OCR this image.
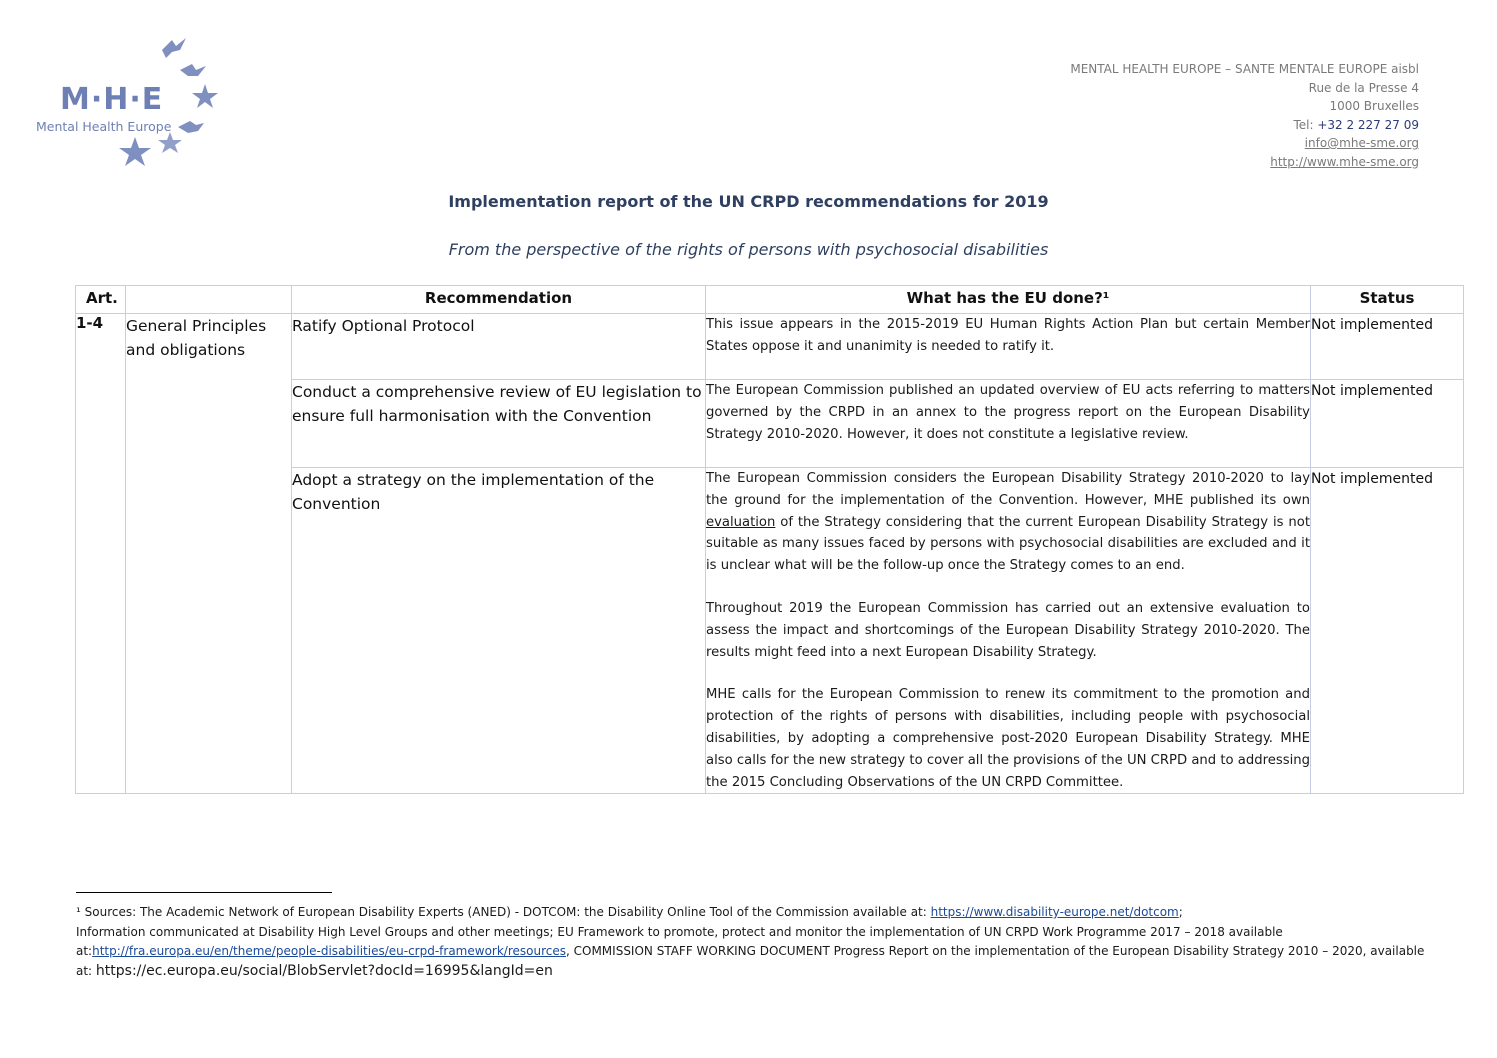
M·H·E
Mental Health Europe
MENTAL HEALTH EUROPE – SANTE MENTALE EUROPE aisbl
Rue de la Presse 4
1000 Bruxelles
Tel: +32 2 227 27 09
info@mhe-sme.org
http://www.mhe-sme.org
Implementation report of the UN CRPD recommendations for 2019
From the perspective of the rights of persons with psychosocial disabilities
Art.		Recommendation	What has the EU done?¹	Status
1-4	General Principles and obligations	Ratify Optional Protocol	This issue appears in the 2015-2019 EU Human Rights Action Plan but certain Member States oppose it and unanimity is needed to ratify it.	Not implemented
		Conduct a comprehensive review of EU legislation to ensure full harmonisation with the Convention	The European Commission published an updated overview of EU acts referring to matters governed by the CRPD in an annex to the progress report on the European Disability Strategy 2010-2020. However, it does not constitute a legislative review.	Not implemented
		Adopt a strategy on the implementation of the Convention	The European Commission considers the European Disability Strategy 2010-2020 to lay the ground for the implementation of the Convention. However, MHE published its own evaluation of the Strategy considering that the current European Disability Strategy is not suitable as many issues faced by persons with psychosocial disabilities are excluded and it is unclear what will be the follow-up once the Strategy comes to an end.

Throughout 2019 the European Commission has carried out an extensive evaluation to assess the impact and shortcomings of the European Disability Strategy 2010-2020. The results might feed into a next European Disability Strategy.

MHE calls for the European Commission to renew its commitment to the promotion and protection of the rights of persons with disabilities, including people with psychosocial disabilities, by adopting a comprehensive post-2020 European Disability Strategy. MHE also calls for the new strategy to cover all the provisions of the UN CRPD and to addressing the 2015 Concluding Observations of the UN CRPD Committee.	Not implemented
¹ Sources: The Academic Network of European Disability Experts (ANED) - DOTCOM: the Disability Online Tool of the Commission available at: https://www.disability-europe.net/dotcom;
Information communicated at Disability High Level Groups and other meetings; EU Framework to promote, protect and monitor the implementation of UN CRPD Work Programme 2017 – 2018 available at:http://fra.europa.eu/en/theme/people-disabilities/eu-crpd-framework/resources, COMMISSION STAFF WORKING DOCUMENT Progress Report on the implementation of the European Disability Strategy 2010 – 2020, available at: https://ec.europa.eu/social/BlobServlet?docId=16995&langId=en
